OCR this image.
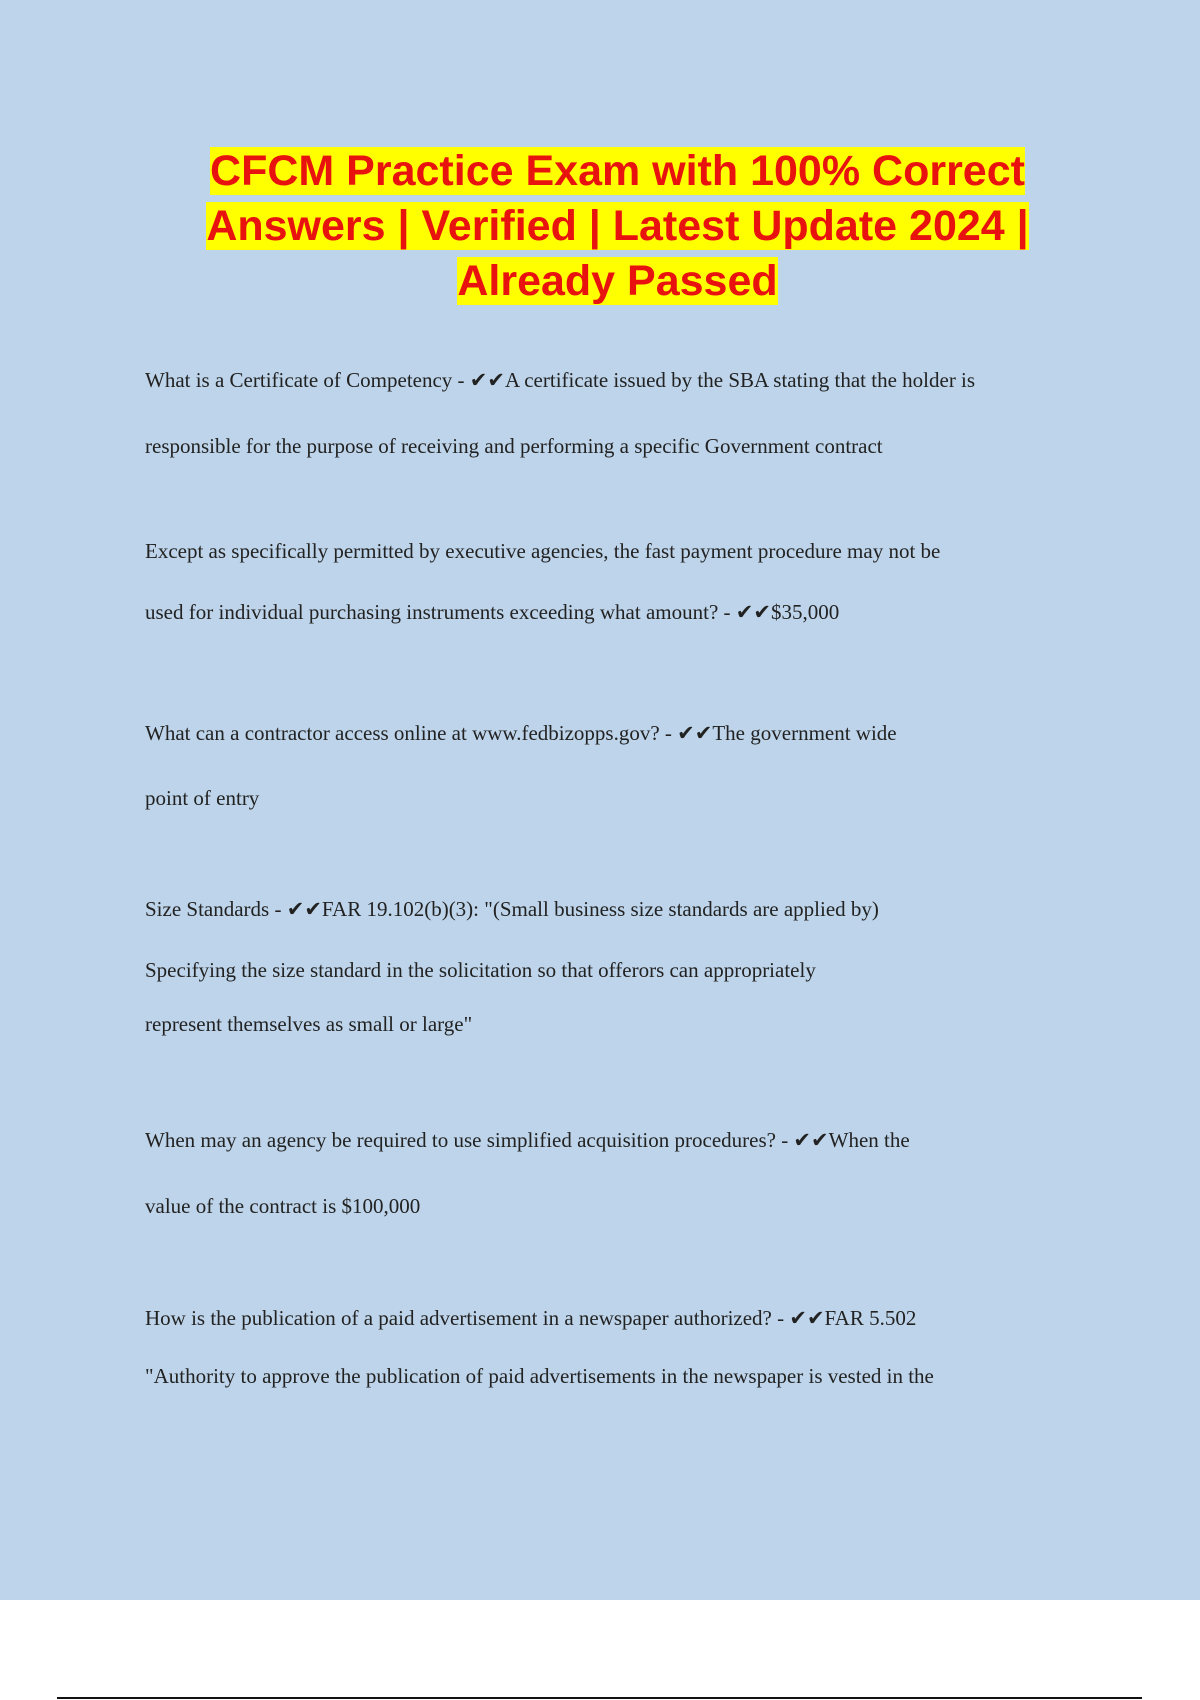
CFCM Practice Exam with 100% Correct Answers | Verified | Latest Update 2024 | Already Passed
What is a Certificate of Competency - ✔✔A certificate issued by the SBA stating that the holder is
responsible for the purpose of receiving and performing a specific Government contract
Except as specifically permitted by executive agencies, the fast payment procedure may not be
used for individual purchasing instruments exceeding what amount? - ✔✔$35,000
What can a contractor access online at www.fedbizopps.gov? - ✔✔The government wide
point of entry
Size Standards - ✔✔FAR 19.102(b)(3): "(Small business size standards are applied by)
Specifying the size standard in the solicitation so that offerors can appropriately
represent themselves as small or large"
When may an agency be required to use simplified acquisition procedures? - ✔✔When the
value of the contract is $100,000
How is the publication of a paid advertisement in a newspaper authorized? - ✔✔FAR 5.502
"Authority to approve the publication of paid advertisements in the newspaper is vested in the
